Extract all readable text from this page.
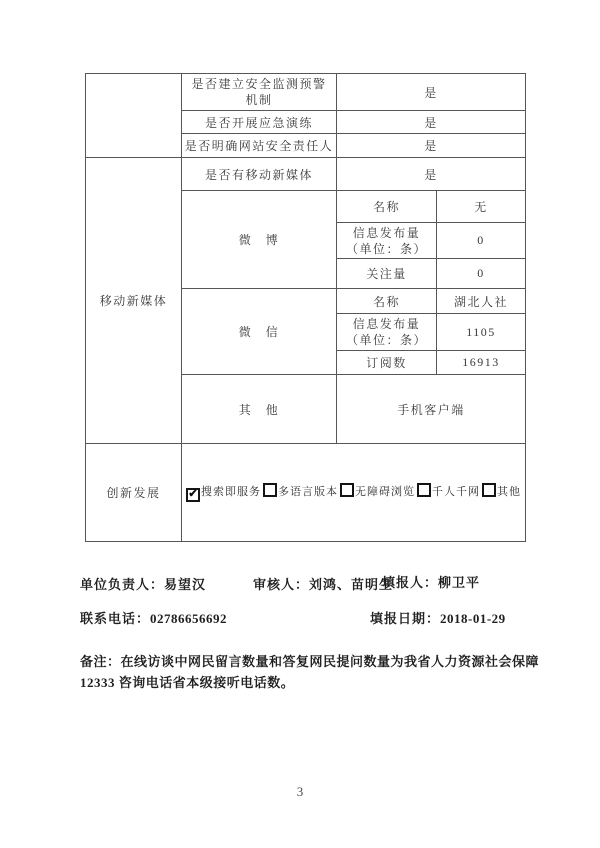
	是否建立安全监测预警
机制	是	
	是否开展应急演练	是	
	是否明确网站安全责任人	是	
移动新媒体	是否有移动新媒体	是	
	微　博	名称	无

		信息发布量
（单位：条）	0
		关注量	0
	微　信	名称	湖北人社

		信息发布量
（单位：条）	1105
		订阅数	16913
	其　他	手机客户端	
创新发展	✔ 搜索即服务 多语言版本 无障碍浏览 千人千网 其他		
单位负责人：易望汉	审核人：刘鸿、苗明生
填报人：柳卫平
联系电话：02786656692	填报日期：2018-01-29
备注：在线访谈中网民留言数量和答复网民提问数量为我省人力资源社会保障 12333 咨询电话省本级接听电话数。
3
